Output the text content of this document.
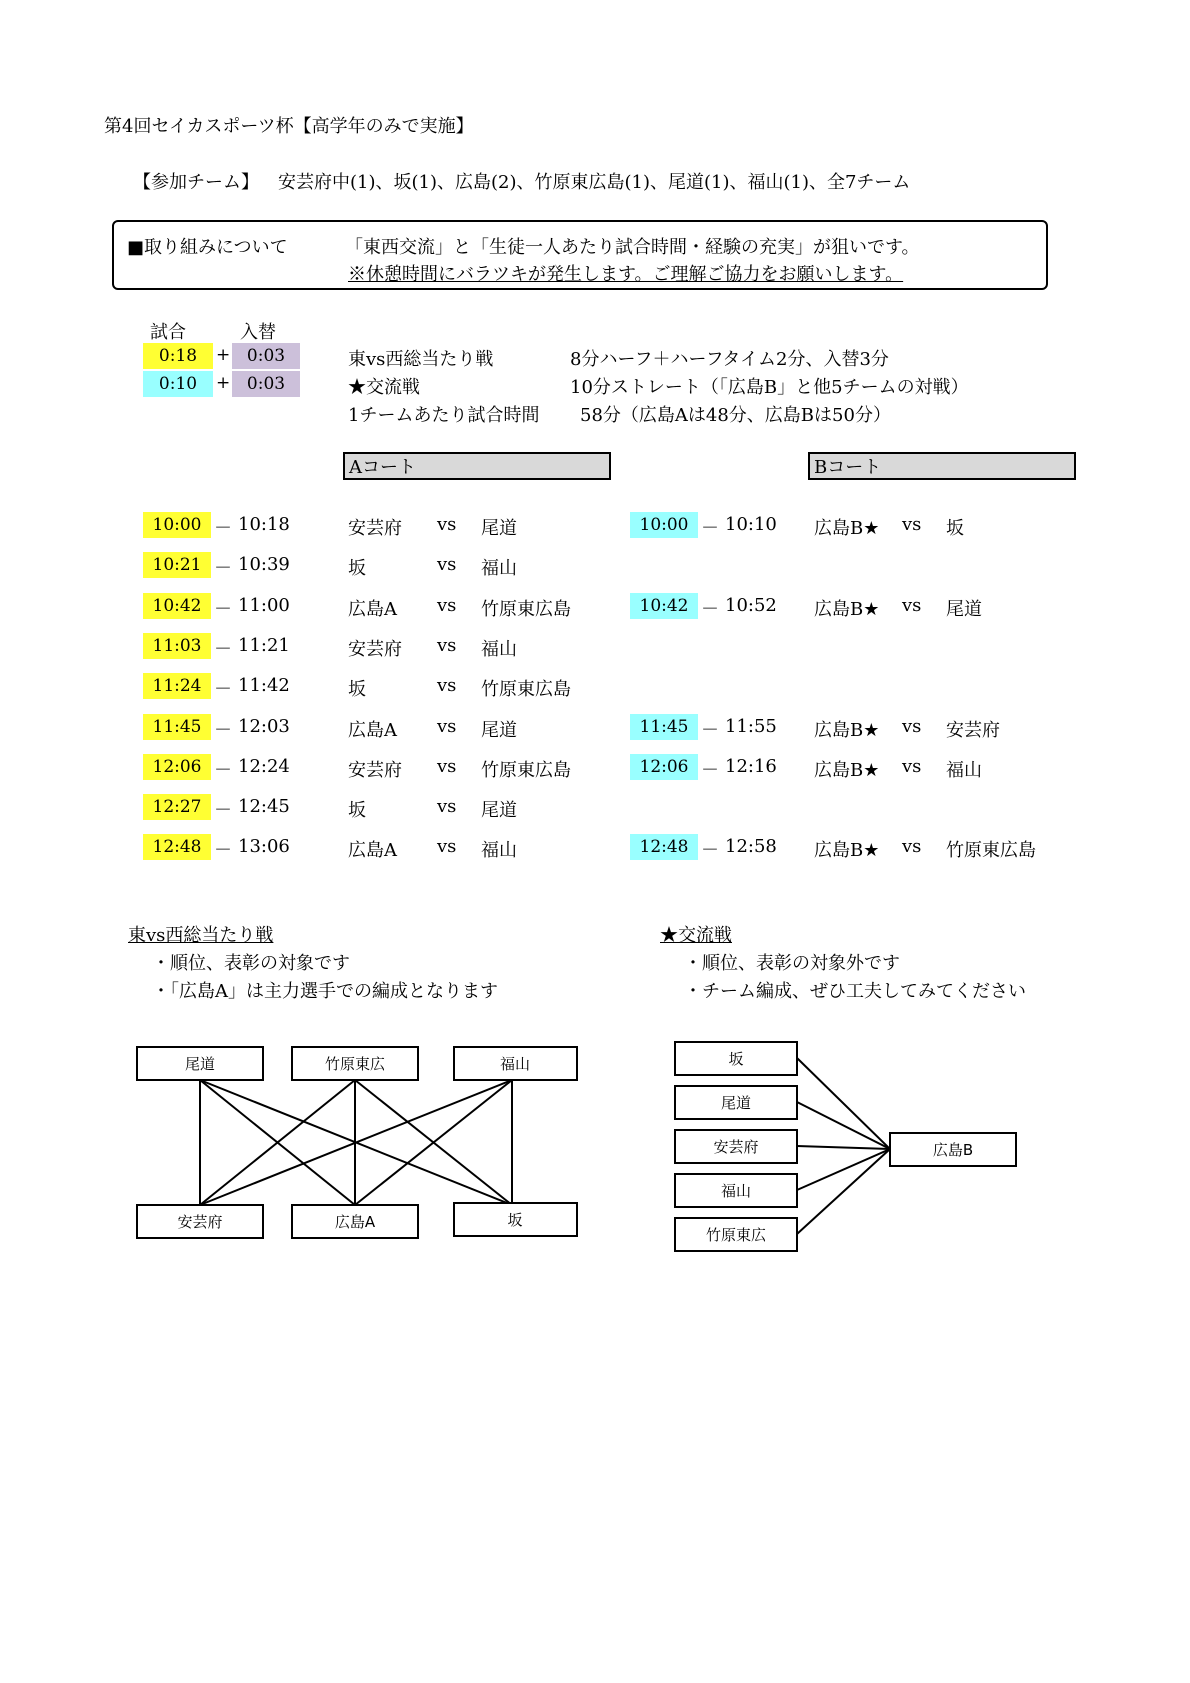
第4回セイカスポーツ杯【高学年のみで実施】
【参加チーム】 安芸府中(1)、坂(1)、広島(2)、竹原東広島(1)、尾道(1)、福山(1)、全7チーム
■取り組みについて	「東西交流」と「生徒一人あたり試合時間・経験の充実」が狙いです。
※休憩時間にバラツキが発生します。ご理解ご協力をお願いします。
試合	入替
0:18	+ 0:03	東vs西総当たり戦	8分ハーフ＋ハーフタイム2分、入替3分
0:10	+ 0:03	★交流戦	10分ストレート（「広島B」と他5チームの対戦）
1チームあたり試合時間 58分（広島Aは48分、広島Bは50分）
Aコート	Bコート
10:00 － 10:18	安芸府 vs 尾道
10:21 － 10:39	坂	vs 福山
10:42 － 11:00	広島A vs 竹原東広島
11:03 － 11:21	安芸府 vs 福山
11:24 － 11:42	坂	vs 竹原東広島
11:45 － 12:03	広島A vs 尾道
12:06 － 12:24	安芸府 vs 竹原東広島
12:27 － 12:45	坂	vs 尾道
12:48 － 13:06	広島A vs 福山
10:00 － 10:10 広島B★ vs 坂
10:42 － 10:52 広島B★ vs 尾道
11:45 － 11:55 広島B★ vs 安芸府
12:06 － 12:16 広島B★ vs 福山
12:48 － 12:58 広島B★ vs 竹原東広島
東vs西総当たり戦
・順位、表彰の対象です
・「広島A」は主力選手での編成となります
★交流戦
・順位、表彰の対象外です
・チーム編成、ぜひ工夫してみてください
尾道	竹原東広	福山
安芸府	広島A	坂
坂
尾道
安芸府
福山
竹原東広
広島B
